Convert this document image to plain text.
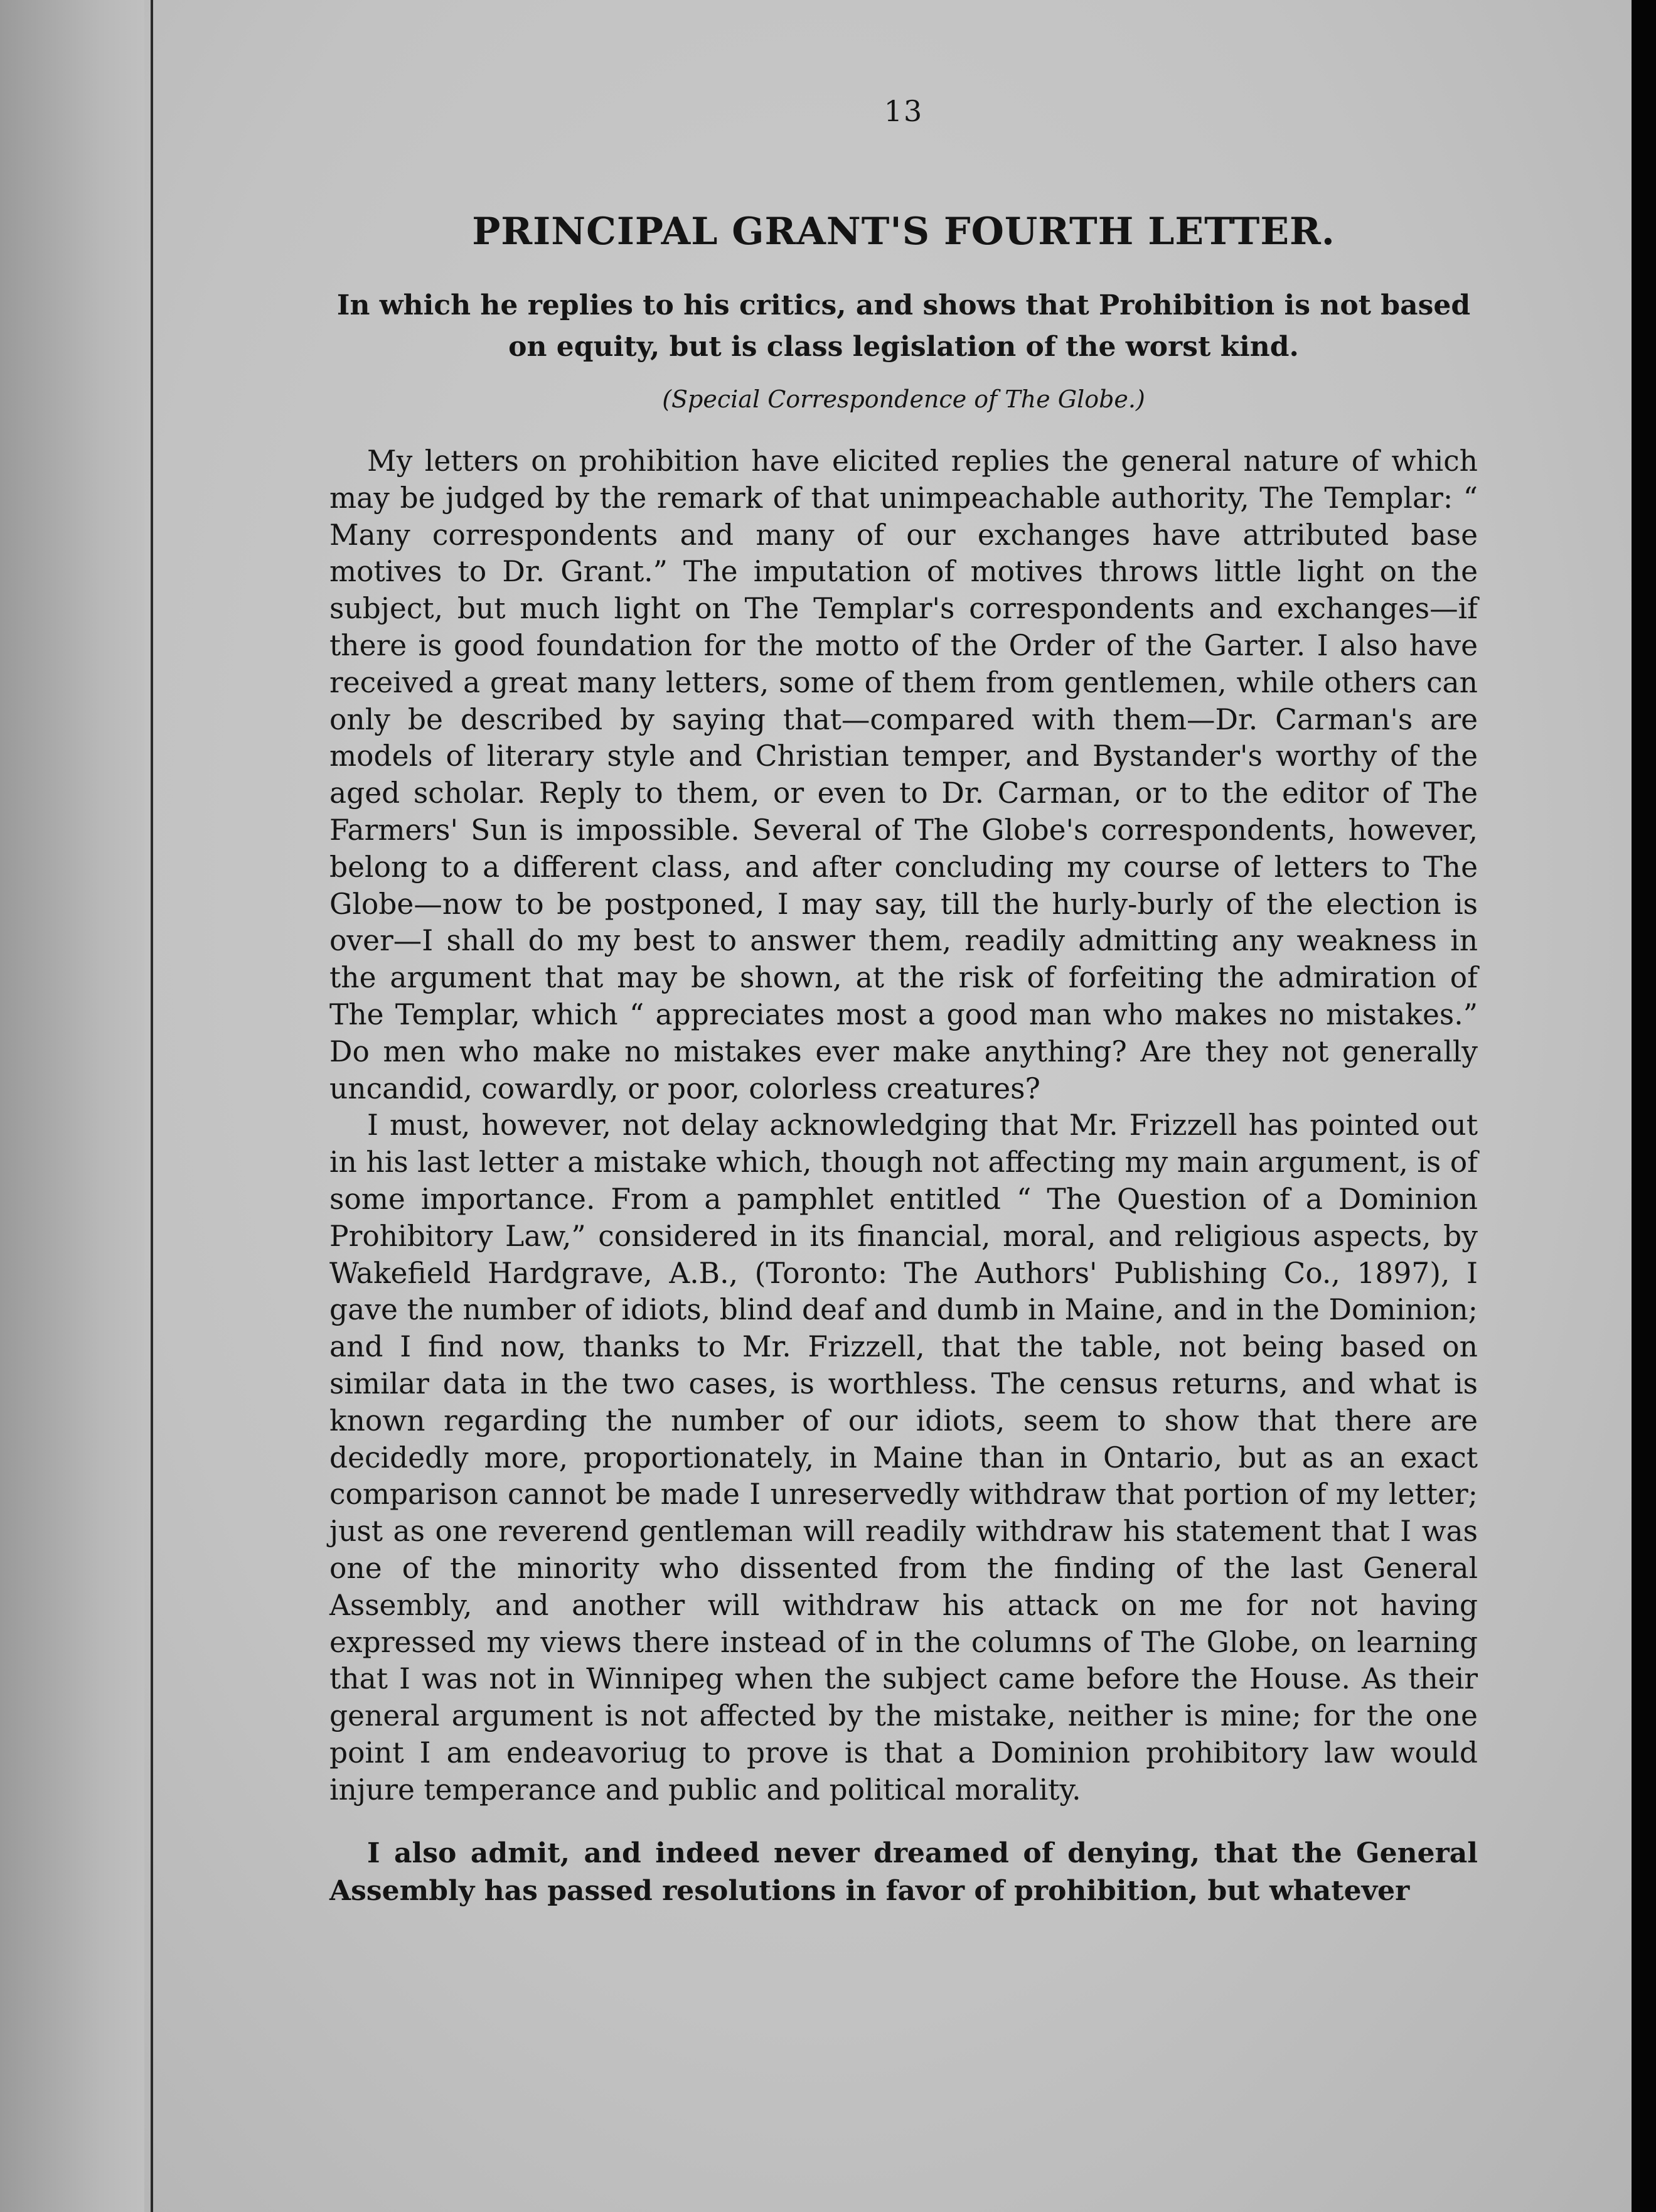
13
PRINCIPAL GRANT'S FOURTH LETTER.
In which he replies to his critics, and shows that Prohibition is not based on equity, but is class legislation of the worst kind.
(Special Correspondence of The Globe.)

My letters on prohibition have elicited replies the general nature of which may be judged by the remark of that unimpeachable authority, The Templar: “ Many correspondents and many of our exchanges have attributed base motives to Dr. Grant.” The imputation of motives throws little light on the subject, but much light on The Templar's correspondents and exchanges—if there is good foundation for the motto of the Order of the Garter. I also have received a great many letters, some of them from gentlemen, while others can only be described by saying that—compared with them—Dr. Carman's are models of literary style and Christian temper, and Bystander's worthy of the aged scholar. Reply to them, or even to Dr. Carman, or to the editor of The Farmers' Sun is impossible. Several of The Globe's correspondents, however, belong to a different class, and after concluding my course of letters to The Globe—now to be postponed, I may say, till the hurly-burly of the election is over—I shall do my best to answer them, readily admitting any weakness in the argument that may be shown, at the risk of forfeiting the admiration of The Templar, which “ appreciates most a good man who makes no mistakes.” Do men who make no mistakes ever make anything? Are they not generally uncandid, cowardly, or poor, colorless creatures?

I must, however, not delay acknowledging that Mr. Frizzell has pointed out in his last letter a mistake which, though not affecting my main argument, is of some importance. From a pamphlet entitled “ The Question of a Dominion Prohibitory Law,” considered in its financial, moral, and religious aspects, by Wakefield Hardgrave, A.B., (Toronto: The Authors' Publishing Co., 1897), I gave the number of idiots, blind deaf and dumb in Maine, and in the Dominion; and I find now, thanks to Mr. Frizzell, that the table, not being based on similar data in the two cases, is worthless. The census returns, and what is known regarding the number of our idiots, seem to show that there are decidedly more, proportionately, in Maine than in Ontario, but as an exact comparison cannot be made I unreservedly withdraw that portion of my letter; just as one reverend gentleman will readily withdraw his statement that I was one of the minority who dissented from the finding of the last General Assembly, and another will withdraw his attack on me for not having expressed my views there instead of in the columns of The Globe, on learning that I was not in Winnipeg when the subject came before the House. As their general argument is not affected by the mistake, neither is mine; for the one point I am endeavoriug to prove is that a Dominion prohibitory law would injure temperance and public and political morality.

I also admit, and indeed never dreamed of denying, that the General Assembly has passed resolutions in favor of prohibition, but whatever
